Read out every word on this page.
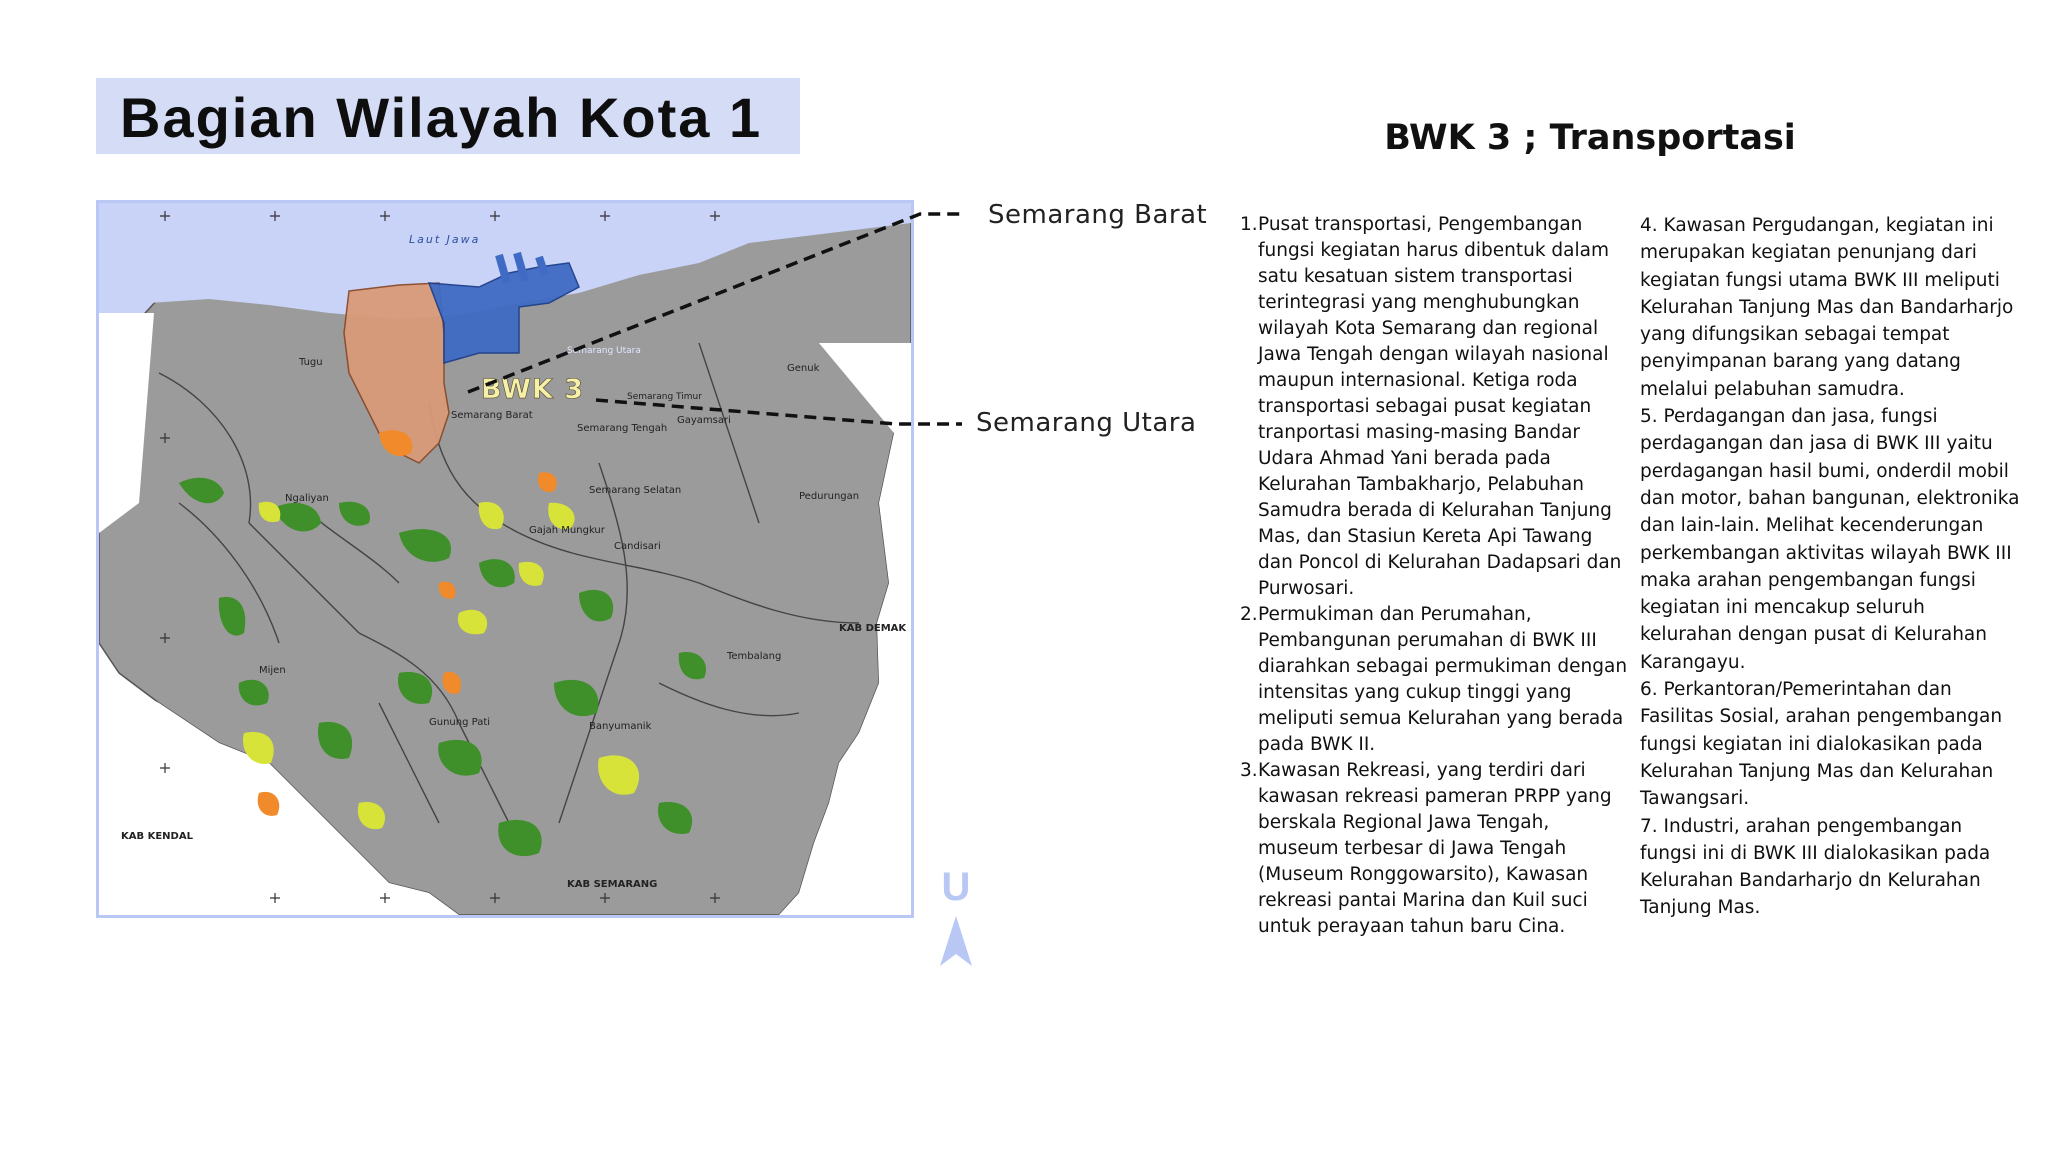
Bagian Wilayah Kota 1	BWK 3 ; Transportasi
Laut Jawa
Tugu
Ngaliyan
Mijen
Gunung Pati	Banyumanik
Tembalang
Candisari
Gajah Mungkur
Semarang Selatan
Semarang Tengah
Semarang Barat
Semarang Utara
Semarang Timur
Gayamsari
Pedurungan
Genuk
KAB DEMAK
KAB KENDAL
KAB SEMARANG
BWK 3
Semarang Barat
Semarang Utara
U
1. Pusat transportasi, Pengembangan fungsi kegiatan harus dibentuk dalam satu kesatuan sistem transportasi terintegrasi yang menghubungkan wilayah Kota Semarang dan regional Jawa Tengah dengan wilayah nasional maupun internasional. Ketiga roda transportasi sebagai pusat kegiatan tranportasi masing-masing Bandar Udara Ahmad Yani berada pada Kelurahan Tambakharjo, Pelabuhan Samudra berada di Kelurahan Tanjung Mas, dan Stasiun Kereta Api Tawang dan Poncol di Kelurahan Dadapsari dan Purwosari.
2. Permukiman dan Perumahan, Pembangunan perumahan di BWK III diarahkan sebagai permukiman dengan intensitas yang cukup tinggi yang meliputi semua Kelurahan yang berada pada BWK II.
3. Kawasan Rekreasi, yang terdiri dari kawasan rekreasi pameran PRPP yang berskala Regional Jawa Tengah, museum terbesar di Jawa Tengah (Museum Ronggowarsito), Kawasan rekreasi pantai Marina dan Kuil suci untuk perayaan tahun baru Cina.

4. Kawasan Pergudangan, kegiatan ini merupakan kegiatan penunjang dari kegiatan fungsi utama BWK III meliputi Kelurahan Tanjung Mas dan Bandarharjo yang difungsikan sebagai tempat penyimpanan barang yang datang melalui pelabuhan samudra.

5. Perdagangan dan jasa, fungsi perdagangan dan jasa di BWK III yaitu perdagangan hasil bumi, onderdil mobil dan motor, bahan bangunan, elektronika dan lain-lain. Melihat kecenderungan perkembangan aktivitas wilayah BWK III maka arahan pengembangan fungsi kegiatan ini mencakup seluruh kelurahan dengan pusat di Kelurahan Karangayu.

6. Perkantoran/Pemerintahan dan Fasilitas Sosial, arahan pengembangan fungsi kegiatan ini dialokasikan pada Kelurahan Tanjung Mas dan Kelurahan Tawangsari.

7. Industri, arahan pengembangan fungsi ini di BWK III dialokasikan pada Kelurahan Bandarharjo dn Kelurahan Tanjung Mas.
